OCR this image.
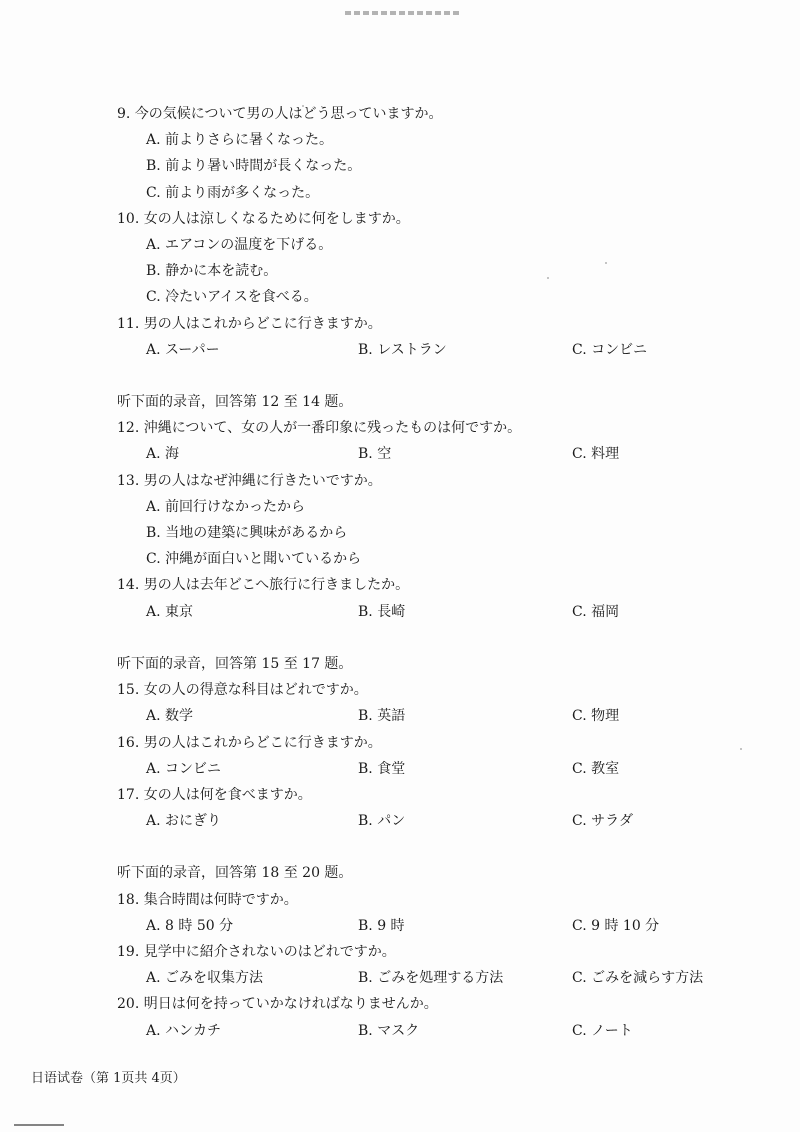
9. 今の気候について男の人はどう思っていますか。
A. 前よりさらに暑くなった。
B. 前より暑い時間が長くなった。
C. 前より雨が多くなった。
10. 女の人は涼しくなるために何をしますか。
A. エアコンの温度を下げる。
B. 静かに本を読む。
C. 冷たいアイスを食べる。
11. 男の人はこれからどこに行きますか。
A. スーパー	B. レストラン	C. コンビニ
听下面的录音，回答第 12 至 14 题。
12. 沖縄について、女の人が一番印象に残ったものは何ですか。
A. 海	B. 空	C. 料理
13. 男の人はなぜ沖縄に行きたいですか。
A. 前回行けなかったから
B. 当地の建築に興味があるから
C. 沖縄が面白いと聞いているから
14. 男の人は去年どこへ旅行に行きましたか。
A. 東京	B. 長崎	C. 福岡
听下面的录音，回答第 15 至 17 题。
15. 女の人の得意な科目はどれですか。
A. 数学	B. 英語	C. 物理
16. 男の人はこれからどこに行きますか。
A. コンビニ	B. 食堂	C. 教室
17. 女の人は何を食べますか。
A. おにぎり	B. パン	C. サラダ
听下面的录音，回答第 18 至 20 题。
18. 集合時間は何時ですか。
A. 8 時 50 分	B. 9 時	C. 9 時 10 分
19. 見学中に紹介されないのはどれですか。
A. ごみを収集方法	B. ごみを処理する方法	C. ごみを減らす方法
20. 明日は何を持っていかなければなりませんか。
A. ハンカチ	B. マスク	C. ノート
日语试卷（第 1页共 4页）
